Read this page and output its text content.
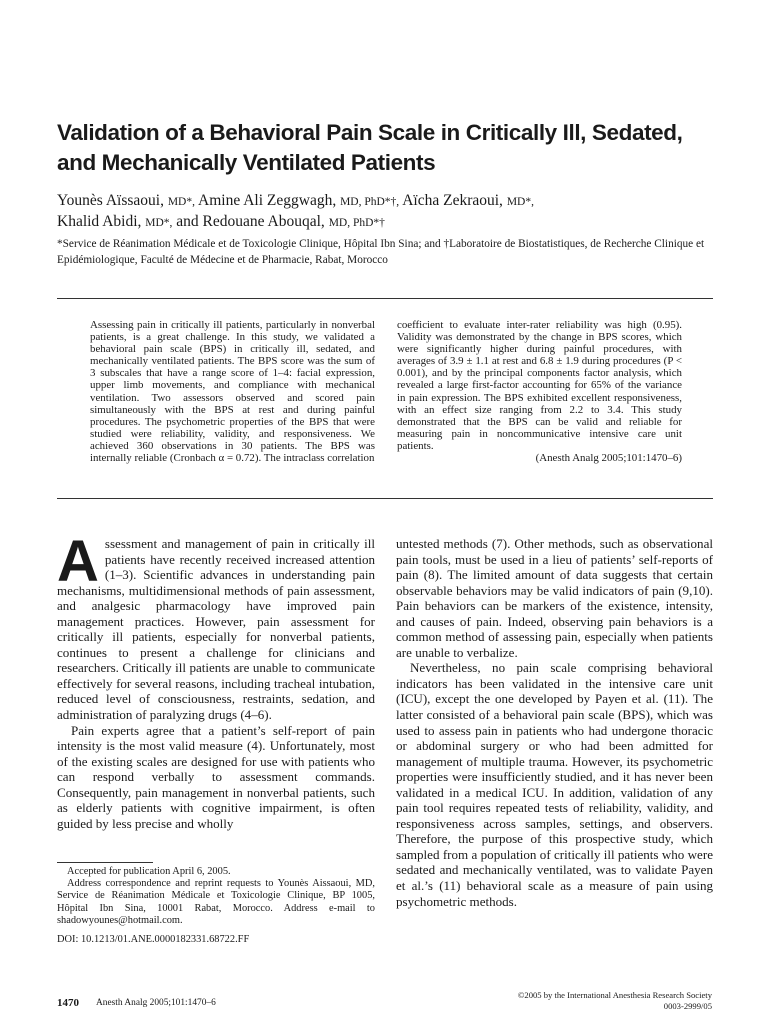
Validation of a Behavioral Pain Scale in Critically Ill, Sedated, and Mechanically Ventilated Patients
Younès Aïssaoui, MD*, Amine Ali Zeggwagh, MD, PhD*†, Aïcha Zekraoui, MD*,
Khalid Abidi, MD*, and Redouane Abouqal, MD, PhD*†
*Service de Réanimation Médicale et de Toxicologie Clinique, Hôpital Ibn Sina; and †Laboratoire de Biostatistiques, de Recherche Clinique et Epidémiologique, Faculté de Médecine et de Pharmacie, Rabat, Morocco
Assessing pain in critically ill patients, particularly in nonverbal patients, is a great challenge. In this study, we validated a behavioral pain scale (BPS) in critically ill, sedated, and mechanically ventilated patients. The BPS score was the sum of 3 subscales that have a range score of 1–4: facial expression, upper limb movements, and compliance with mechanical ventilation. Two assessors observed and scored pain simultaneously with the BPS at rest and during painful procedures. The psychometric properties of the BPS that were studied were reliability, validity, and responsiveness. We achieved 360 observations in 30 patients. The BPS was internally reliable (Cronbach α = 0.72). The intraclass correlation
coefficient to evaluate inter-rater reliability was high (0.95). Validity was demonstrated by the change in BPS scores, which were significantly higher during painful procedures, with averages of 3.9 ± 1.1 at rest and 6.8 ± 1.9 during procedures (P < 0.001), and by the principal components factor analysis, which revealed a large first-factor accounting for 65% of the variance in pain expression. The BPS exhibited excellent responsiveness, with an effect size ranging from 2.2 to 3.4. This study demonstrated that the BPS can be valid and reliable for measuring pain in noncommunicative intensive care unit patients.
(Anesth Analg 2005;101:1470–6)

Assessment and management of pain in critically ill patients have recently received increased attention (1–3). Scientific advances in understanding pain mechanisms, multidimensional methods of pain assessment, and analgesic pharmacology have improved pain management practices. However, pain assessment for critically ill patients, especially for nonverbal patients, continues to present a challenge for clinicians and researchers. Critically ill patients are unable to communicate effectively for several reasons, including tracheal intubation, reduced level of consciousness, restraints, sedation, and administration of paralyzing drugs (4–6).

Pain experts agree that a patient’s self-report of pain intensity is the most valid measure (4). Unfortunately, most of the existing scales are designed for use with patients who can respond verbally to assessment commands. Consequently, pain management in nonverbal patients, such as elderly patients with cognitive impairment, is often guided by less precise and wholly

untested methods (7). Other methods, such as observational pain tools, must be used in a lieu of patients’ self-reports of pain (8). The limited amount of data suggests that certain observable behaviors may be valid indicators of pain (9,10). Pain behaviors can be markers of the existence, intensity, and causes of pain. Indeed, observing pain behaviors is a common method of assessing pain, especially when patients are unable to verbalize.

Nevertheless, no pain scale comprising behavioral indicators has been validated in the intensive care unit (ICU), except the one developed by Payen et al. (11). The latter consisted of a behavioral pain scale (BPS), which was used to assess pain in patients who had undergone thoracic or abdominal surgery or who had been admitted for management of multiple trauma. However, its psychometric properties were insufficiently studied, and it has never been validated in a medical ICU. In addition, validation of any pain tool requires repeated tests of reliability, validity, and responsiveness across samples, settings, and observers. Therefore, the purpose of this prospective study, which sampled from a population of critically ill patients who were sedated and mechanically ventilated, was to validate Payen et al.’s (11) behavioral scale as a measure of pain using psychometric methods.

Accepted for publication April 6, 2005.

Address correspondence and reprint requests to Younès Aissaoui, MD, Service de Réanimation Médicale et Toxicologie Clinique, BP 1005, Hôpital Ibn Sina, 10001 Rabat, Morocco. Address e-mail to shadowyounes@hotmail.com.

DOI: 10.1213/01.ANE.0000182331.68722.FF

1470 Anesth Analg 2005;101:1470–6
©2005 by the International Anesthesia Research Society
0003-2999/05
